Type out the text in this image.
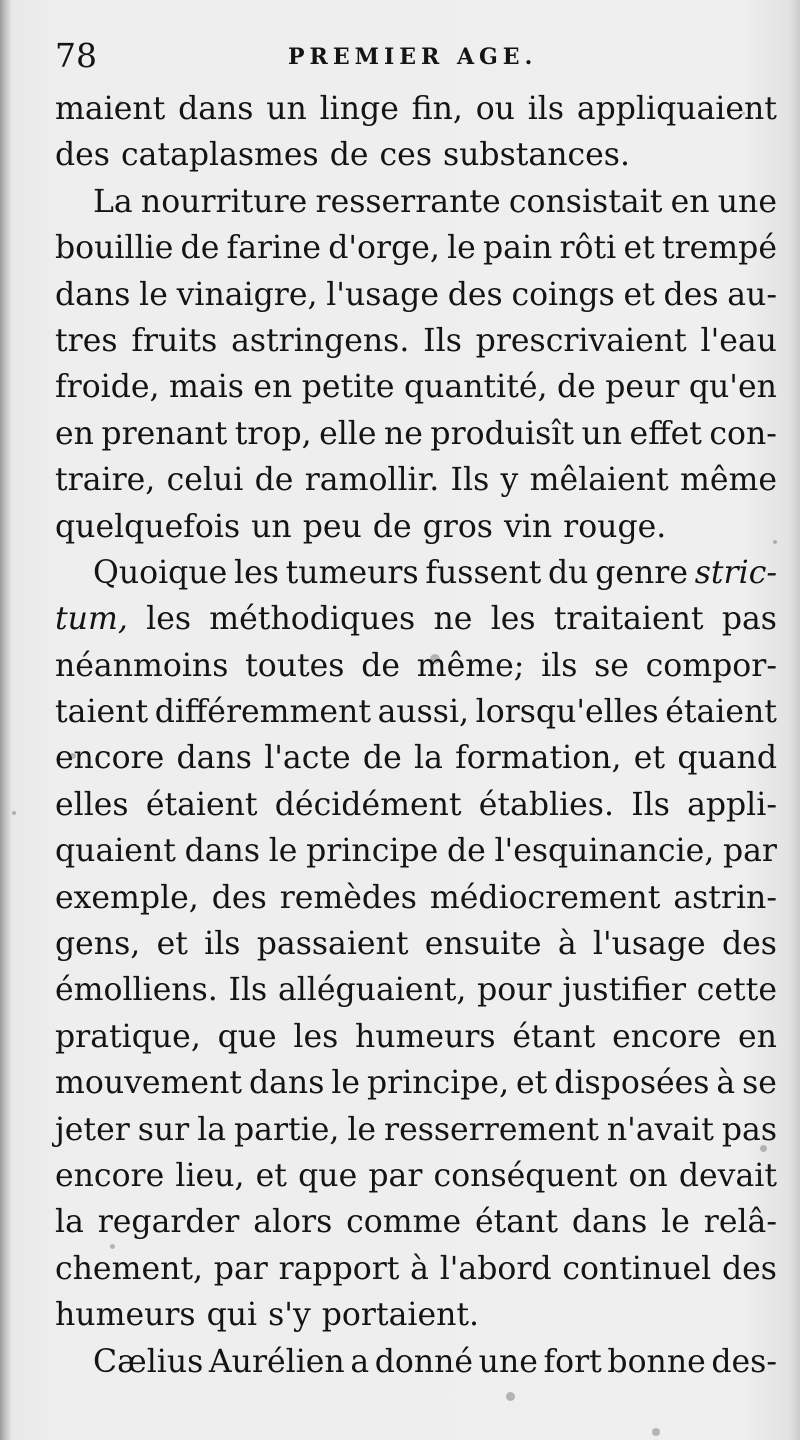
78	PREMIER AGE.
maient dans un linge fin, ou ils appliquaient
des cataplasmes de ces substances.
La nourriture resserrante consistait en une
bouillie de farine d'orge, le pain rôti et trempé
dans le vinaigre, l'usage des coings et des au-
tres fruits astringens. Ils prescrivaient l'eau
froide, mais en petite quantité, de peur qu'en
en prenant trop, elle ne produisît un effet con-
traire, celui de ramollir. Ils y mêlaient même
quelquefois un peu de gros vin rouge.
Quoique les tumeurs fussent du genre stric-
tum, les méthodiques ne les traitaient pas
néanmoins toutes de même; ils se compor-
taient différemment aussi, lorsqu'elles étaient
encore dans l'acte de la formation, et quand
elles étaient décidément établies. Ils appli-
quaient dans le principe de l'esquinancie, par
exemple, des remèdes médiocrement astrin-
gens, et ils passaient ensuite à l'usage des
émolliens. Ils alléguaient, pour justifier cette
pratique, que les humeurs étant encore en
mouvement dans le principe, et disposées à se
jeter sur la partie, le resserrement n'avait pas
encore lieu, et que par conséquent on devait
la regarder alors comme étant dans le relâ-
chement, par rapport à l'abord continuel des
humeurs qui s'y portaient.
Cælius Aurélien a donné une fort bonne des-
